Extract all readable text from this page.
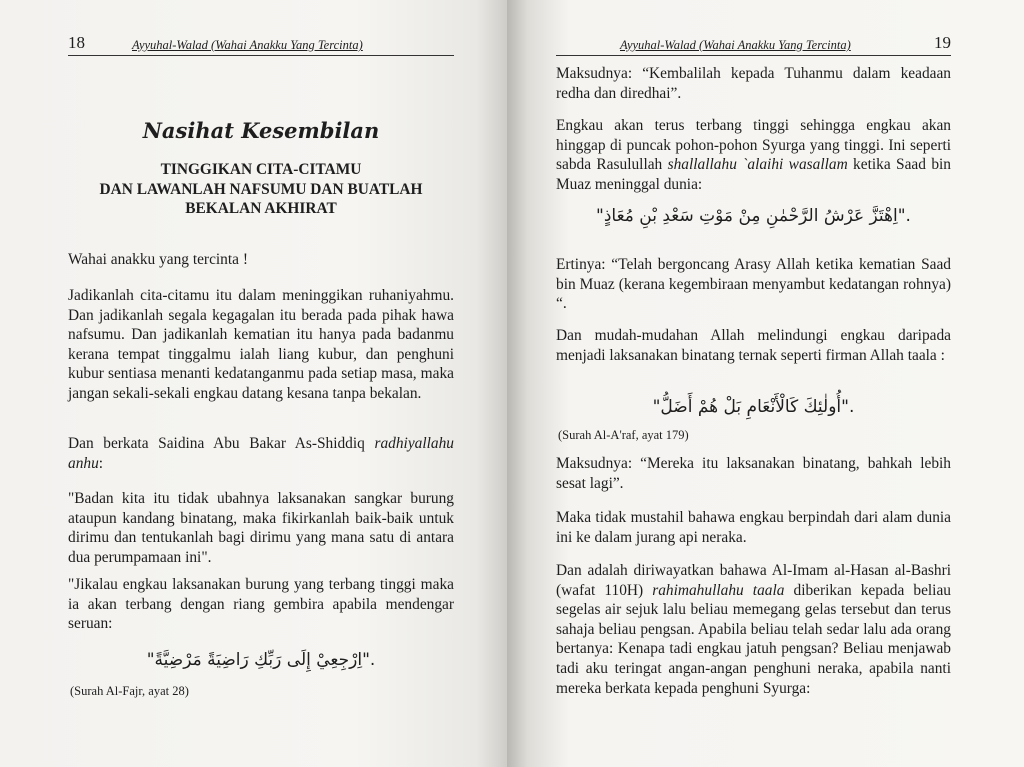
18	Ayyuhal-Walad (Wahai Anakku Yang Tercinta)
Nasihat Kesembilan
TINGGIKAN CITA-CITAMU
DAN LAWANLAH NAFSUMU DAN BUATLAH
BEKALAN AKHIRAT
Wahai anakku yang tercinta !
Jadikanlah cita-citamu itu dalam meninggikan ruhaniyahmu. Dan jadikanlah segala kegagalan itu berada pada pihak hawa nafsumu. Dan jadikanlah kematian itu hanya pada badanmu kerana tempat tinggalmu ialah liang kubur, dan penghuni kubur sentiasa menanti kedatanganmu pada setiap masa, maka jangan sekali-sekali engkau datang kesana tanpa bekalan.
Dan berkata Saidina Abu Bakar As-Shiddiq radhiyallahu anhu:
"Badan kita itu tidak ubahnya laksanakan sangkar burung ataupun kandang binatang, maka fikirkanlah baik-baik untuk dirimu dan tentukanlah bagi dirimu yang mana satu di antara dua perumpamaan ini".
"Jikalau engkau laksanakan burung yang terbang tinggi maka ia akan terbang dengan riang gembira apabila mendengar seruan:
."اِرْجِعِيْ إِلَى رَبِّكِ رَاضِيَةً مَرْضِيَّةً"
(Surah Al-Fajr, ayat 28)
Ayyuhal-Walad (Wahai Anakku Yang Tercinta)	19
Maksudnya: “Kembalilah kepada Tuhanmu dalam keadaan redha dan diredhai”.
Engkau akan terus terbang tinggi sehingga engkau akan hinggap di puncak pohon-pohon Syurga yang tinggi. Ini seperti sabda Rasulullah shallallahu `alaihi wasallam ketika Saad bin Muaz meninggal dunia:
."اِهْتَزَّ عَرْشُ الرَّحْمٰنِ مِنْ مَوْتِ سَعْدِ بْنِ مُعَاذٍ"
Ertinya: “Telah bergoncang Arasy Allah ketika kematian Saad bin Muaz (kerana kegembiraan menyambut kedatangan rohnya) “.
Dan mudah-mudahan Allah melindungi engkau daripada menjadi laksanakan binatang ternak seperti firman Allah taala :
."أُولٰئِكَ كَالْأَنْعَامِ بَلْ هُمْ أَضَلُّ"
(Surah Al-A'raf, ayat 179)
Maksudnya: “Mereka itu laksanakan binatang, bahkah lebih sesat lagi”.
Maka tidak mustahil bahawa engkau berpindah dari alam dunia ini ke dalam jurang api neraka.
Dan adalah diriwayatkan bahawa Al-Imam al-Hasan al-Bashri (wafat 110H) rahimahullahu taala diberikan kepada beliau segelas air sejuk lalu beliau memegang gelas tersebut dan terus sahaja beliau pengsan. Apabila beliau telah sedar lalu ada orang bertanya: Kenapa tadi engkau jatuh pengsan? Beliau menjawab tadi aku teringat angan-angan penghuni neraka, apabila nanti mereka berkata kepada penghuni Syurga:
